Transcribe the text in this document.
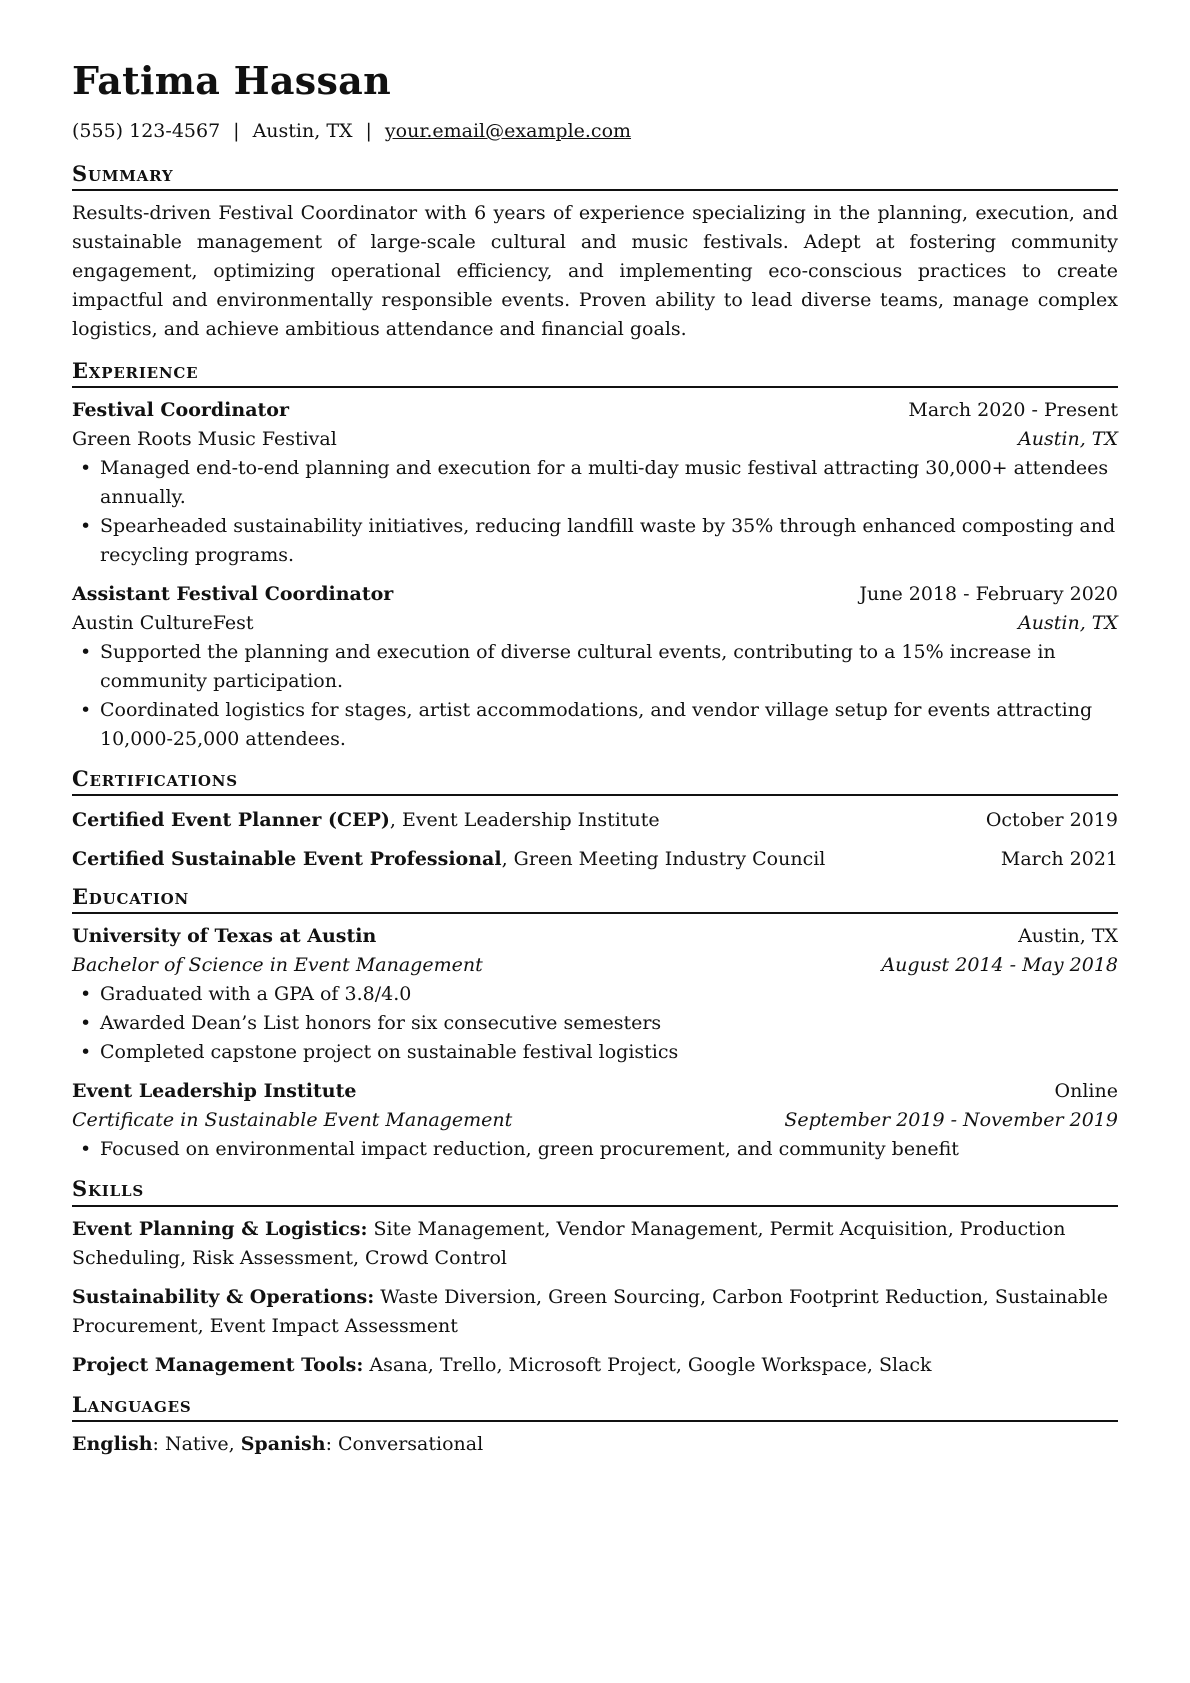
Fatima Hassan
(555) 123-4567 | Austin, TX | your.email@example.com
Summary
Results-driven Festival Coordinator with 6 years of experience specializing in the planning, execution, and sustainable management of large-scale cultural and music festivals. Adept at fostering community engagement, optimizing operational efficiency, and implementing eco-conscious practices to create impactful and environmentally responsible events. Proven ability to lead diverse teams, manage complex logistics, and achieve ambitious attendance and financial goals.
Experience
Festival Coordinator	March 2020 - Present
Green Roots Music Festival	Austin, TX
• Managed end-to-end planning and execution for a multi-day music festival attracting 30,000+ attendees annually.
• Spearheaded sustainability initiatives, reducing landfill waste by 35% through enhanced composting and recycling programs.
Assistant Festival Coordinator	June 2018 - February 2020
Austin CultureFest	Austin, TX
• Supported the planning and execution of diverse cultural events, contributing to a 15% increase in community participation.
• Coordinated logistics for stages, artist accommodations, and vendor village setup for events attracting 10,000-25,000 attendees.
Certifications
Certified Event Planner (CEP), Event Leadership Institute	October 2019
Certified Sustainable Event Professional, Green Meeting Industry Council	March 2021
Education
University of Texas at Austin	Austin, TX
Bachelor of Science in Event Management	August 2014 - May 2018
• Graduated with a GPA of 3.8/4.0
• Awarded Dean’s List honors for six consecutive semesters
• Completed capstone project on sustainable festival logistics
Event Leadership Institute	Online
Certificate in Sustainable Event Management	September 2019 - November 2019
• Focused on environmental impact reduction, green procurement, and community benefit
Skills
Event Planning & Logistics: Site Management, Vendor Management, Permit Acquisition, Production Scheduling, Risk Assessment, Crowd Control
Sustainability & Operations: Waste Diversion, Green Sourcing, Carbon Footprint Reduction, Sustainable Procurement, Event Impact Assessment
Project Management Tools: Asana, Trello, Microsoft Project, Google Workspace, Slack
Languages
English: Native, Spanish: Conversational
